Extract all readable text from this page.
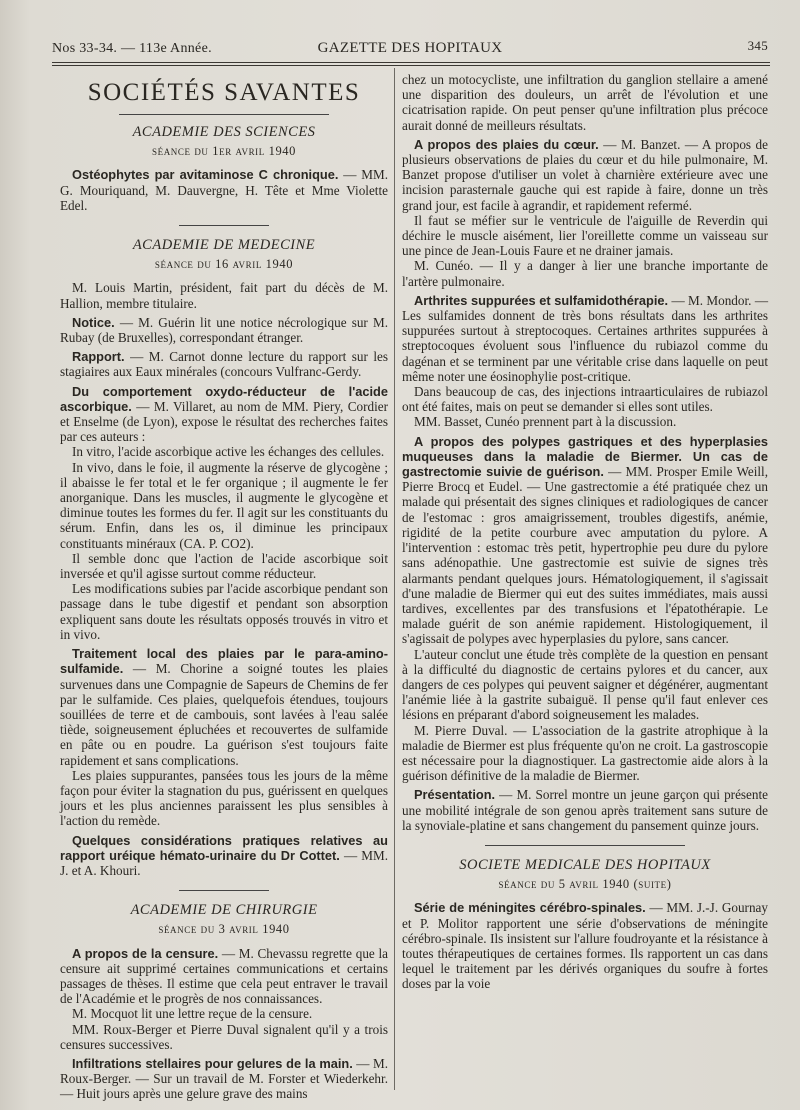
Nos 33-34. — 113e Année.	GAZETTE DES HOPITAUX	345
SOCIÉTÉS SAVANTES
ACADEMIE DES SCIENCES
séance du 1er avril 1940

Ostéophytes par avitaminose C chronique. — MM. G. Mouriquand, M. Dauvergne, H. Tête et Mme Violette Edel.

ACADEMIE DE MEDECINE
séance du 16 avril 1940

M. Louis Martin, président, fait part du décès de M. Hallion, membre titulaire.

Notice. — M. Guérin lit une notice nécrologique sur M. Rubay (de Bruxelles), correspondant étranger.

Rapport. — M. Carnot donne lecture du rapport sur les stagiaires aux Eaux minérales (concours Vulfranc-Gerdy.

Du comportement oxydo-réducteur de l'acide ascorbique. — M. Villaret, au nom de MM. Piery, Cordier et Enselme (de Lyon), expose le résultat des recherches faites par ces auteurs :

In vitro, l'acide ascorbique active les échanges des cellules.

In vivo, dans le foie, il augmente la réserve de glycogène ; il abaisse le fer total et le fer organique ; il augmente le fer anorganique. Dans les muscles, il augmente le glycogène et diminue toutes les formes du fer. Il agit sur les constituants du sérum. Enfin, dans les os, il diminue les principaux constituants minéraux (CA. P. CO2).

Il semble donc que l'action de l'acide ascorbique soit inversée et qu'il agisse surtout comme réducteur.

Les modifications subies par l'acide ascorbique pendant son passage dans le tube digestif et pendant son absorption expliquent sans doute les résultats opposés trouvés in vitro et in vivo.

Traitement local des plaies par le para-amino-sulfamide. — M. Chorine a soigné toutes les plaies survenues dans une Compagnie de Sapeurs de Chemins de fer par le sulfamide. Ces plaies, quelquefois étendues, toujours souillées de terre et de cambouis, sont lavées à l'eau salée tiède, soigneusement épluchées et recouvertes de sulfamide en pâte ou en poudre. La guérison s'est toujours faite rapidement et sans complications.

Les plaies suppurantes, pansées tous les jours de la même façon pour éviter la stagnation du pus, guérissent en quelques jours et les plus anciennes paraissent les plus sensibles à l'action du remède.

Quelques considérations pratiques relatives au rapport uréique hémato-urinaire du Dr Cottet. — MM. J. et A. Khouri.

ACADEMIE DE CHIRURGIE
séance du 3 avril 1940

A propos de la censure. — M. Chevassu regrette que la censure ait supprimé certaines communications et certains passages de thèses. Il estime que cela peut entraver le travail de l'Académie et le progrès de nos connaissances.

M. Mocquot lit une lettre reçue de la censure.

MM. Roux-Berger et Pierre Duval signalent qu'il y a trois censures successives.

Infiltrations stellaires pour gelures de la main. — M. Roux-Berger. — Sur un travail de M. Forster et Wiederkehr. — Huit jours après une gelure grave des mains

chez un motocycliste, une infiltration du ganglion stellaire a amené une disparition des douleurs, un arrêt de l'évolution et une cicatrisation rapide. On peut penser qu'une infiltration plus précoce aurait donné de meilleurs résultats.

A propos des plaies du cœur. — M. Banzet. — A propos de plusieurs observations de plaies du cœur et du hile pulmonaire, M. Banzet propose d'utiliser un volet à charnière extérieure avec une incision parasternale gauche qui est rapide à faire, donne un très grand jour, est facile à agrandir, et rapidement refermé.

Il faut se méfier sur le ventricule de l'aiguille de Reverdin qui déchire le muscle aisément, lier l'oreillette comme un vaisseau sur une pince de Jean-Louis Faure et ne drainer jamais.

M. Cunéo. — Il y a danger à lier une branche importante de l'artère pulmonaire.

Arthrites suppurées et sulfamidothérapie. — M. Mondor. — Les sulfamides donnent de très bons résultats dans les arthrites suppurées surtout à streptocoques. Certaines arthrites suppurées à streptocoques évoluent sous l'influence du rubiazol comme du dagénan et se terminent par une véritable crise dans laquelle on peut même noter une éosinophylie post-critique.

Dans beaucoup de cas, des injections intraarticulaires de rubiazol ont été faites, mais on peut se demander si elles sont utiles.

MM. Basset, Cunéo prennent part à la discussion.

A propos des polypes gastriques et des hyperplasies muqueuses dans la maladie de Biermer. Un cas de gastrectomie suivie de guérison. — MM. Prosper Emile Weill, Pierre Brocq et Eudel. — Une gastrectomie a été pratiquée chez un malade qui présentait des signes cliniques et radiologiques de cancer de l'estomac : gros amaigrissement, troubles digestifs, anémie, rigidité de la petite courbure avec amputation du pylore. A l'intervention : estomac très petit, hypertrophie peu dure du pylore sans adénopathie. Une gastrectomie est suivie de signes très alarmants pendant quelques jours. Hématologiquement, il s'agissait d'une maladie de Biermer qui eut des suites immédiates, mais aussi tardives, excellentes par des transfusions et l'épatothérapie. Le malade guérit de son anémie rapidement. Histologiquement, il s'agissait de polypes avec hyperplasies du pylore, sans cancer.

L'auteur conclut une étude très complète de la question en pensant à la difficulté du diagnostic de certains pylores et du cancer, aux dangers de ces polypes qui peuvent saigner et dégénérer, augmentant l'anémie liée à la gastrite subaiguë. Il pense qu'il faut enlever ces lésions en préparant d'abord soigneusement les malades.

M. Pierre Duval. — L'association de la gastrite atrophique à la maladie de Biermer est plus fréquente qu'on ne croit. La gastroscopie est nécessaire pour la diagnostiquer. La gastrectomie aide alors à la guérison définitive de la maladie de Biermer.

Présentation. — M. Sorrel montre un jeune garçon qui présente une mobilité intégrale de son genou après traitement sans suture de la synoviale-platine et sans changement du pansement quinze jours.

SOCIETE MEDICALE DES HOPITAUX
séance du 5 avril 1940 (suite)

Série de méningites cérébro-spinales. — MM. J.-J. Gournay et P. Molitor rapportent une série d'observations de méningite cérébro-spinale. Ils insistent sur l'allure foudroyante et la résistance à toutes thérapeutiques de certaines formes. Ils rapportent un cas dans lequel le traitement par les dérivés organiques du soufre à fortes doses par la voie
